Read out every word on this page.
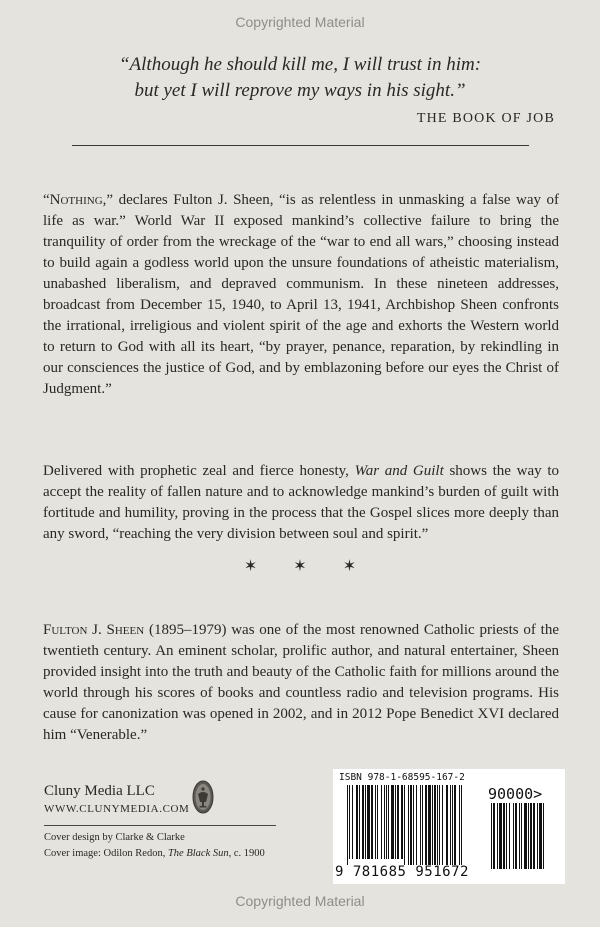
Copyrighted Material
“Although he should kill me, I will trust in him:
but yet I will reprove my ways in his sight.”
THE BOOK OF JOB

“Nothing,” declares Fulton J. Sheen, “is as relentless in unmasking a false way of life as war.” World War II exposed mankind’s collective failure to bring the tranquility of order from the wreckage of the “war to end all wars,” choosing instead to build again a godless world upon the unsure foundations of atheistic materialism, unabashed liberalism, and depraved communism. In these nineteen addresses, broadcast from December 15, 1940, to April 13, 1941, Archbishop Sheen confronts the irrational, irreligious and violent spirit of the age and exhorts the Western world to return to God with all its heart, “by prayer, penance, reparation, by rekindling in our consciences the justice of God, and by emblazoning before our eyes the Christ of Judgment.”

Delivered with prophetic zeal and fierce honesty, War and Guilt shows the way to accept the reality of fallen nature and to acknowledge mankind’s burden of guilt with fortitude and humility, proving in the process that the Gospel slices more deeply than any sword, “reaching the very division between soul and spirit.”

✶✶✶

Fulton J. Sheen (1895–1979) was one of the most renowned Catholic priests of the twentieth century. An eminent scholar, prolific author, and natural entertainer, Sheen provided insight into the truth and beauty of the Catholic faith for millions around the world through his scores of books and countless radio and television programs. His cause for canonization was opened in 2002, and in 2012 Pope Benedict XVI declared him “Venerable.”

Cluny Media LLC
WWW.CLUNYMEDIA.COM
Cover design by Clarke & Clarke
Cover image: Odilon Redon, The Black Sun, c. 1900
ISBN 978-1-68595-167-2
90000>
9 781685 951672
Copyrighted Material
